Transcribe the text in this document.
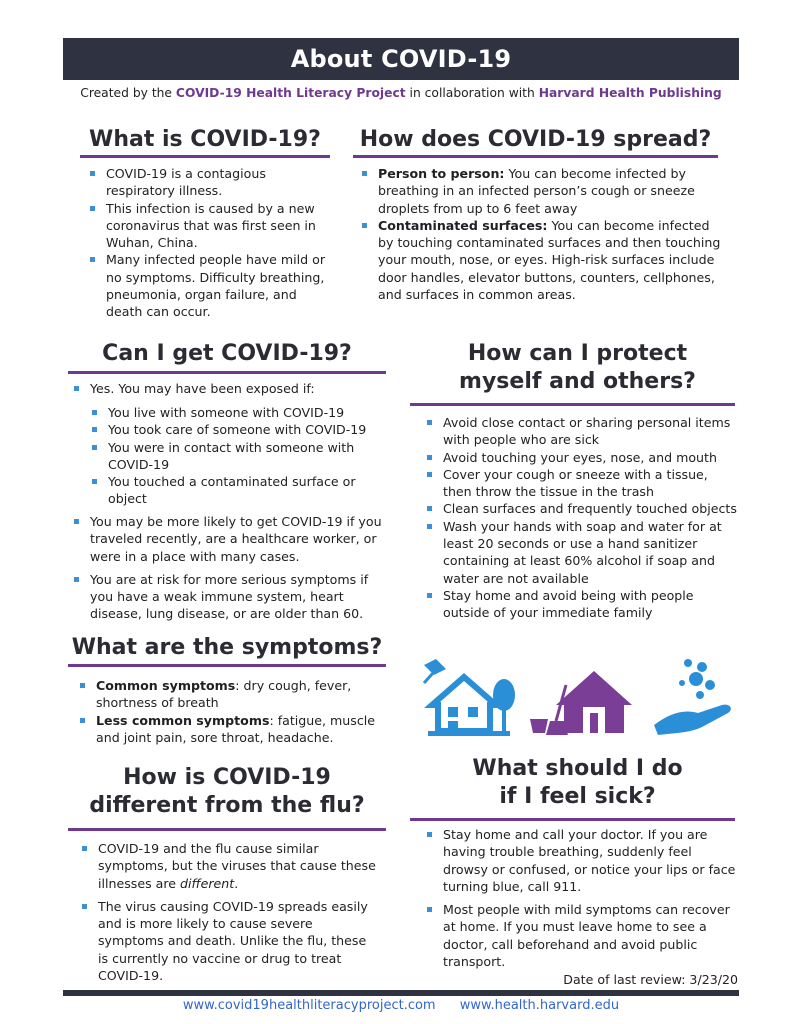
About COVID-19
Created by the COVID-19 Health Literacy Project in collaboration with Harvard Health Publishing
What is COVID-19?
COVID-19 is a contagious respiratory illness.
This infection is caused by a new coronavirus that was first seen in Wuhan, China.
Many infected people have mild or no symptoms. Difficulty breathing, pneumonia, organ failure, and death can occur.
How does COVID-19 spread?
Person to person: You can become infected by breathing in an infected person’s cough or sneeze droplets from up to 6 feet away
Contaminated surfaces: You can become infected by touching contaminated surfaces and then touching your mouth, nose, or eyes. High-risk surfaces include door handles, elevator buttons, counters, cellphones, and surfaces in common areas.
Can I get COVID-19?
Yes. You may have been exposed if:
You live with someone with COVID-19
You took care of someone with COVID-19
You were in contact with someone with COVID-19
You touched a contaminated surface or object
You may be more likely to get COVID-19 if you traveled recently, are a healthcare worker, or were in a place with many cases.
You are at risk for more serious symptoms if you have a weak immune system, heart disease, lung disease, or are older than 60.
How can I protect
myself and others?
Avoid close contact or sharing personal items with people who are sick
Avoid touching your eyes, nose, and mouth
Cover your cough or sneeze with a tissue, then throw the tissue in the trash
Clean surfaces and frequently touched objects
Wash your hands with soap and water for at least 20 seconds or use a hand sanitizer containing at least 60% alcohol if soap and water are not available
Stay home and avoid being with people outside of your immediate family
What are the symptoms?
Common symptoms: dry cough, fever, shortness of breath
Less common symptoms: fatigue, muscle and joint pain, sore throat, headache.
How is COVID-19
different from the flu?
COVID-19 and the flu cause similar symptoms, but the viruses that cause these illnesses are different.
The virus causing COVID-19 spreads easily and is more likely to cause severe symptoms and death. Unlike the flu, these is currently no vaccine or drug to treat COVID-19.
What should I do
if I feel sick?
Stay home and call your doctor. If you are having trouble breathing, suddenly feel drowsy or confused, or notice your lips or face turning blue, call 911.
Most people with mild symptoms can recover at home. If you must leave home to see a doctor, call beforehand and avoid public transport.
Date of last review: 3/23/20
www.covid19healthliteracyproject.com www.health.harvard.edu
